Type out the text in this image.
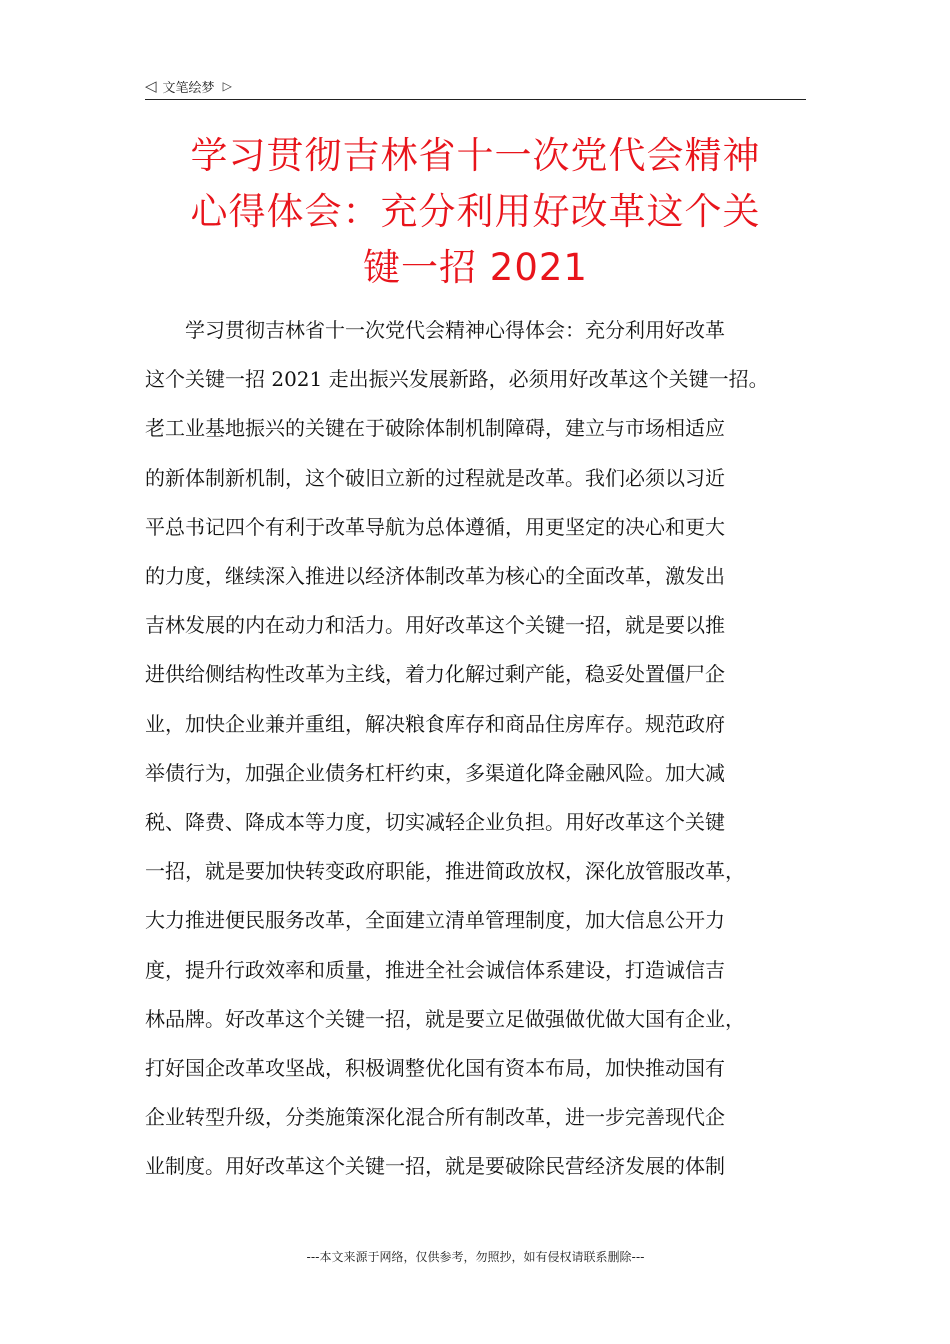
◁ 文笔绘梦 ▷
学习贯彻吉林省十一次党代会精神
心得体会：充分利用好改革这个关
键一招 2021
　　学习贯彻吉林省十一次党代会精神心得体会：充分利用好改革
这个关键一招 2021 走出振兴发展新路，必须用好改革这个关键一招。
老工业基地振兴的关键在于破除体制机制障碍，建立与市场相适应
的新体制新机制，这个破旧立新的过程就是改革。我们必须以习近
平总书记四个有利于改革导航为总体遵循，用更坚定的决心和更大
的力度，继续深入推进以经济体制改革为核心的全面改革，激发出
吉林发展的内在动力和活力。用好改革这个关键一招，就是要以推
进供给侧结构性改革为主线，着力化解过剩产能，稳妥处置僵尸企
业，加快企业兼并重组，解决粮食库存和商品住房库存。规范政府
举债行为，加强企业债务杠杆约束，多渠道化降金融风险。加大减
税、降费、降成本等力度，切实减轻企业负担。用好改革这个关键
一招，就是要加快转变政府职能，推进简政放权，深化放管服改革，
大力推进便民服务改革，全面建立清单管理制度，加大信息公开力
度，提升行政效率和质量，推进全社会诚信体系建设，打造诚信吉
林品牌。好改革这个关键一招，就是要立足做强做优做大国有企业，
打好国企改革攻坚战，积极调整优化国有资本布局，加快推动国有
企业转型升级，分类施策深化混合所有制改革，进一步完善现代企
业制度。用好改革这个关键一招，就是要破除民营经济发展的体制
---本文来源于网络，仅供参考，勿照抄，如有侵权请联系删除---
